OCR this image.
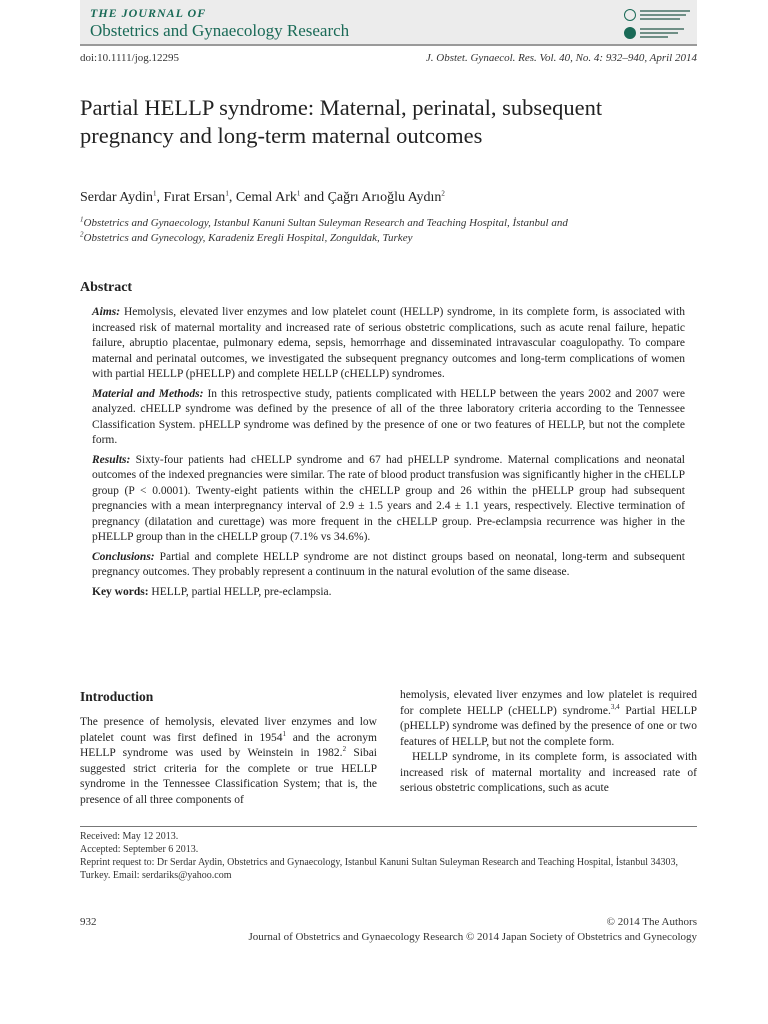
THE JOURNAL OF
Obstetrics and Gynaecology Research
doi:10.1111/jog.12295	J. Obstet. Gynaecol. Res. Vol. 40, No. 4: 932–940, April 2014
Partial HELLP syndrome: Maternal, perinatal, subsequent pregnancy and long-term maternal outcomes
Serdar Aydin$^1$, Fırat Ersan$^1$, Cemal Ark$^1$ and Çağrı Arıoğlu Aydın$^2$
$^1$Obstetrics and Gynaecology, Istanbul Kanuni Sultan Suleyman Research and Teaching Hospital, İstanbul and
$^2$Obstetrics and Gynecology, Karadeniz Eregli Hospital, Zonguldak, Turkey
Abstract

Aims: Hemolysis, elevated liver enzymes and low platelet count (HELLP) syndrome, in its complete form, is associated with increased risk of maternal mortality and increased rate of serious obstetric complications, such as acute renal failure, hepatic failure, abruptio placentae, pulmonary edema, sepsis, hemorrhage and disseminated intravascular coagulopathy. To compare maternal and perinatal outcomes, we investigated the subsequent pregnancy outcomes and long-term complications of women with partial HELLP (pHELLP) and complete HELLP (cHELLP) syndromes.

Material and Methods: In this retrospective study, patients complicated with HELLP between the years 2002 and 2007 were analyzed. cHELLP syndrome was defined by the presence of all of the three laboratory criteria according to the Tennessee Classification System. pHELLP syndrome was defined by the presence of one or two features of HELLP, but not the complete form.

Results: Sixty-four patients had cHELLP syndrome and 67 had pHELLP syndrome. Maternal complications and neonatal outcomes of the indexed pregnancies were similar. The rate of blood product transfusion was significantly higher in the cHELLP group (P < 0.0001). Twenty-eight patients within the cHELLP group and 26 within the pHELLP group had subsequent pregnancies with a mean interpregnancy interval of 2.9 ± 1.5 years and 2.4 ± 1.1 years, respectively. Elective termination of pregnancy (dilatation and curettage) was more frequent in the cHELLP group. Pre-eclampsia recurrence was higher in the pHELLP group than in the cHELLP group (7.1% vs 34.6%).

Conclusions: Partial and complete HELLP syndrome are not distinct groups based on neonatal, long-term and subsequent pregnancy outcomes. They probably represent a continuum in the natural evolution of the same disease.

Key words: HELLP, partial HELLP, pre-eclampsia.

Introduction

The presence of hemolysis, elevated liver enzymes and low platelet count was first defined in 1954$^1$ and the acronym HELLP syndrome was used by Weinstein in 1982.$^2$ Sibai suggested strict criteria for the complete or true HELLP syndrome in the Tennessee Classification System; that is, the presence of all three components of

hemolysis, elevated liver enzymes and low platelet is required for complete HELLP (cHELLP) syndrome.$^{3,4}$ Partial HELLP (pHELLP) syndrome was defined by the presence of one or two features of HELLP, but not the complete form.

HELLP syndrome, in its complete form, is associated with increased risk of maternal mortality and increased rate of serious obstetric complications, such as acute

Received: May 12 2013.
Accepted: September 6 2013.
Reprint request to: Dr Serdar Aydin, Obstetrics and Gynaecology, Istanbul Kanuni Sultan Suleyman Research and Teaching Hospital, İstanbul 34303, Turkey. Email: serdariks@yahoo.com
932	© 2014 The Authors
Journal of Obstetrics and Gynaecology Research © 2014 Japan Society of Obstetrics and Gynecology
